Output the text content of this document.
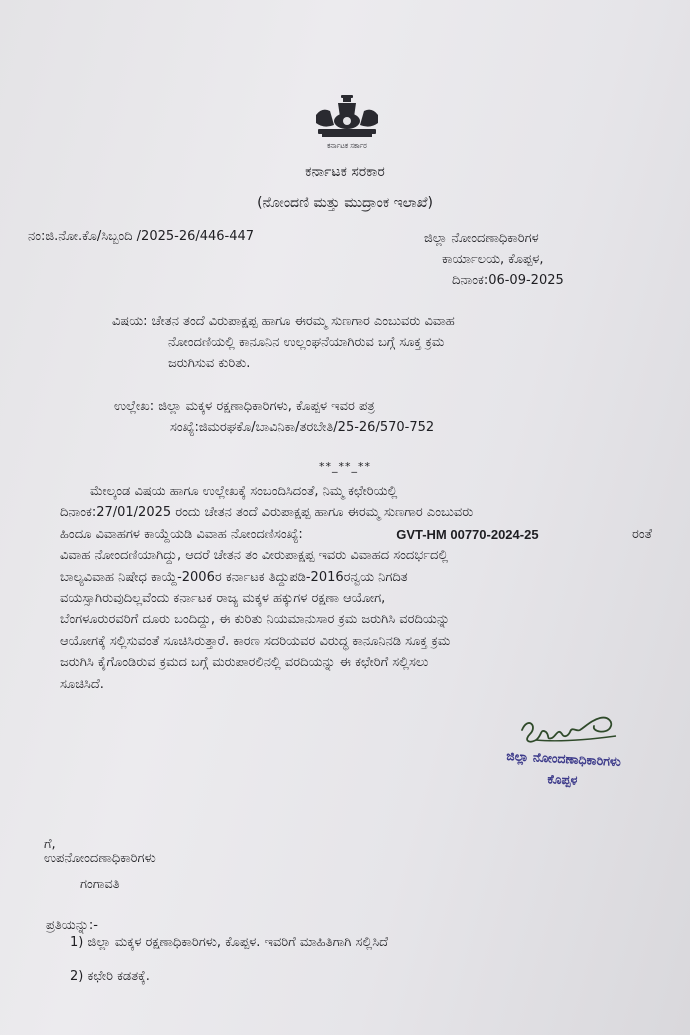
ಕರ್ನಾಟಕ ಸರ್ಕಾರ
ಕರ್ನಾಟಕ ಸರಕಾರ
(ನೋಂದಣಿ ಮತ್ತು ಮುದ್ರಾಂಕ ಇಲಾಖೆ)
ನಂ:ಜಿ.ನೋ.ಕೊ/ಸಿಬ್ಬಂದಿ /2025-26/446-447	ಜಿಲ್ಲಾ ನೋಂದಣಾಧಿಕಾರಿಗಳ
ಕಾರ್ಯಾಲಯ, ಕೊಪ್ಪಳ,
ದಿನಾಂಕ:06-09-2025
ವಿಷಯ: ಚೇತನ ತಂದೆ ವಿರುಪಾಕ್ಷಪ್ಪ ಹಾಗೂ ಈರಮ್ಮ ಸುಣಗಾರ ಎಂಬುವರು ವಿವಾಹ
ನೋಂದಣಿಯಲ್ಲಿ ಕಾನೂನಿನ ಉಲ್ಲಂಘನೆಯಾಗಿರುವ ಬಗ್ಗೆ ಸೂಕ್ತ ಕ್ರಮ
ಜರುಗಿಸುವ ಕುರಿತು.
ಉಲ್ಲೇಖ: ಜಿಲ್ಲಾ ಮಕ್ಕಳ ರಕ್ಷಣಾಧಿಕಾರಿಗಳು, ಕೊಪ್ಪಳ ಇವರ ಪತ್ರ
ಸಂಖ್ಯೆ:ಜಿಮರಘಕೊ/ಬಾವಿನಿಕಾ/ತರಬೇತಿ/25-26/570-752
**_**_**
ಮೇಲ್ಕಂಡ ವಿಷಯ ಹಾಗೂ ಉಲ್ಲೇಖಕ್ಕೆ ಸಂಬಂದಿಸಿದಂತೆ, ನಿಮ್ಮ ಕಛೇರಿಯಲ್ಲಿ
ದಿನಾಂಕ:27/01/2025 ರಂದು ಚೇತನ ತಂದೆ ವಿರುಪಾಕ್ಷಪ್ಪ ಹಾಗೂ ಈರಮ್ಮ ಸುಣಗಾರ ಎಂಬುವರು
ಹಿಂದೂ ವಿವಾಹಗಳ ಕಾಯ್ದೆಯಡಿ ವಿವಾಹ ನೋಂದಣಿಸಂಖ್ಯೆ:	GVT-HM 00770-2024-25	ರಂತೆ
ವಿವಾಹ ನೋಂದಣಿಯಾಗಿದ್ದು, ಆದರೆ ಚೇತನ ತಂ ವೀರುಪಾಕ್ಷಪ್ಪ ಇವರು ವಿವಾಹದ ಸಂದರ್ಭದಲ್ಲಿ
ಬಾಲ್ಯವಿವಾಹ ನಿಷೇಧ ಕಾಯ್ದೆ-2006ರ ಕರ್ನಾಟಕ ತಿದ್ದುಪಡಿ-2016ರನ್ವಯ ನಿಗದಿತ
ವಯಸ್ಸಾಗಿರುವುದಿಲ್ಲವೆಂದು ಕರ್ನಾಟಕ ರಾಜ್ಯ ಮಕ್ಕಳ ಹಕ್ಕುಗಳ ರಕ್ಷಣಾ ಆಯೋಗ,
ಬೆಂಗಳೂರುರವರಿಗೆ ದೂರು ಬಂದಿದ್ದು, ಈ ಕುರಿತು ನಿಯಮಾನುಸಾರ ಕ್ರಮ ಜರುಗಿಸಿ ವರದಿಯನ್ನು
ಆಯೋಗಕ್ಕೆ ಸಲ್ಲಿಸುವಂತೆ ಸೂಚಿಸಿರುತ್ತಾರೆ. ಕಾರಣ ಸದರಿಯವರ ವಿರುದ್ಧ ಕಾನೂನಿನಡಿ ಸೂಕ್ತ ಕ್ರಮ
ಜರುಗಿಸಿ ಕೈಗೊಂಡಿರುವ ಕ್ರಮದ ಬಗ್ಗೆ ಮರುಪಾರಲಿನಲ್ಲಿ ವರದಿಯನ್ನು ಈ ಕಛೇರಿಗೆ ಸಲ್ಲಿಸಲು
ಸೂಚಿಸಿದೆ.
ಜಿಲ್ಲಾ ನೋಂದಣಾಧಿಕಾರಿಗಳು
ಕೊಪ್ಪಳ
ಗೆ,
ಉಪನೋಂದಣಾಧಿಕಾರಿಗಳು
ಗಂಗಾವತಿ
ಪ್ರತಿಯನ್ನು:-
1) ಜಿಲ್ಲಾ ಮಕ್ಕಳ ರಕ್ಷಣಾಧಿಕಾರಿಗಳು, ಕೊಪ್ಪಳ. ಇವರಿಗೆ ಮಾಹಿತಿಗಾಗಿ ಸಲ್ಲಿಸಿದೆ
2) ಕಛೇರಿ ಕಡತಕ್ಕೆ.
